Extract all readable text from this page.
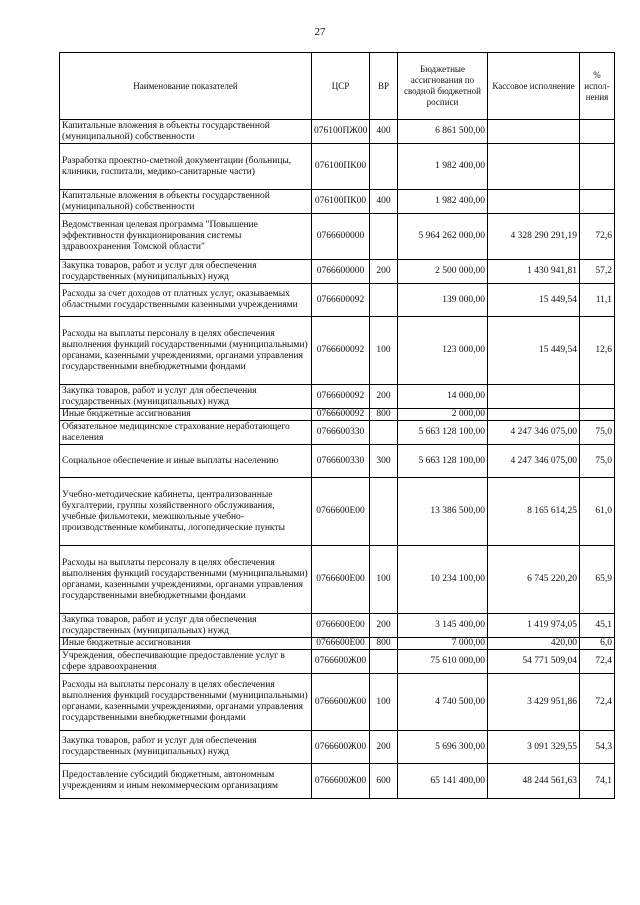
27
Наименование показателей	ЦСР	ВР	Бюджетные ассигнования по сводной бюджетной росписи	Кассовое исполнение	% испол-нения
Капитальные вложения в объекты государственной (муниципальной) собственности	076100ПЖ00	400	6 861 500,00		
Разработка проектно-сметной документации (больницы, клиники, госпитали, медико-санитарные части)	076100ПК00		1 982 400,00		
Капитальные вложения в объекты государственной (муниципальной) собственности	076100ПК00	400	1 982 400,00		
Ведомственная целевая программа "Повышение эффективности функционирования системы здравоохранения Томской области"	0766600000		5 964 262 000,00	4 328 290 291,19	72,6
Закупка товаров, работ и услуг для обеспечения государственных (муниципальных) нужд	0766600000	200	2 500 000,00	1 430 941,81	57,2
Расходы за счет доходов от платных услуг, оказываемых областными государственными казенными учреждениями	0766600092		139 000,00	15 449,54	11,1
Расходы на выплаты персоналу в целях обеспечения выполнения функций государственными (муниципальными) органами, казенными учреждениями, органами управления государственными внебюджетными фондами	0766600092	100	123 000,00	15 449,54	12,6
Закупка товаров, работ и услуг для обеспечения государственных (муниципальных) нужд	0766600092	200	14 000,00		
Иные бюджетные ассигнования	0766600092	800	2 000,00		
Обязательное медицинское страхование неработающего населения	0766600330		5 663 128 100,00	4 247 346 075,00	75,0
Социальное обеспечение и иные выплаты населению	0766600330	300	5 663 128 100,00	4 247 346 075,00	75,0
Учебно-методические кабинеты, централизованные бухгалтерии, группы хозяйственного обслуживания, учебные фильмотеки, межшкольные учебно-производственные комбинаты, логопедические пункты	0766600Е00		13 386 500,00	8 165 614,25	61,0
Расходы на выплаты персоналу в целях обеспечения выполнения функций государственными (муниципальными) органами, казенными учреждениями, органами управления государственными внебюджетными фондами	0766600Е00	100	10 234 100,00	6 745 220,20	65,9
Закупка товаров, работ и услуг для обеспечения государственных (муниципальных) нужд	0766600Е00	200	3 145 400,00	1 419 974,05	45,1
Иные бюджетные ассигнования	0766600Е00	800	7 000,00	420,00	6,0
Учреждения, обеспечивающие предоставление услуг в сфере здравоохранения	0766600Ж00		75 610 000,00	54 771 509,04	72,4
Расходы на выплаты персоналу в целях обеспечения выполнения функций государственными (муниципальными) органами, казенными учреждениями, органами управления государственными внебюджетными фондами	0766600Ж00	100	4 740 500,00	3 429 951,86	72,4
Закупка товаров, работ и услуг для обеспечения государственных (муниципальных) нужд	0766600Ж00	200	5 696 300,00	3 091 329,55	54,3
Предоставление субсидий бюджетным, автономным учреждениям и иным некоммерческим организациям	0766600Ж00	600	65 141 400,00	48 244 561,63	74,1
